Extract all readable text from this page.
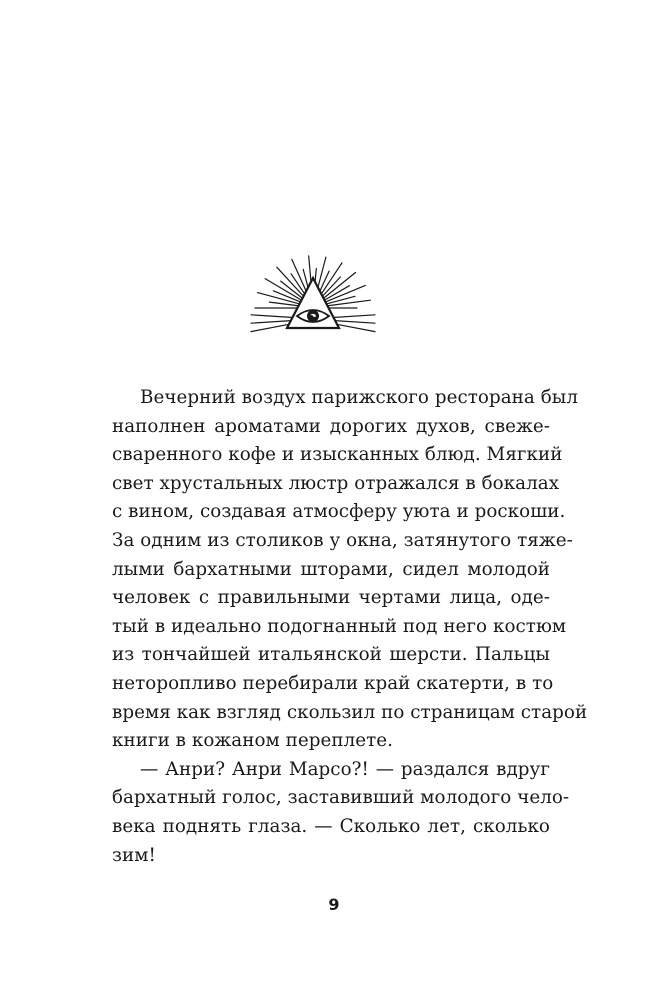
Вечерний воздух парижского ресторана был
наполнен ароматами дорогих духов, свеже-
сваренного кофе и изысканных блюд. Мягкий
свет хрустальных люстр отражался в бокалах
с вином, создавая атмосферу уюта и роскоши.
За одним из столиков у окна, затянутого тяже-
лыми бархатными шторами, сидел молодой
человек с правильными чертами лица, оде-
тый в идеально подогнанный под него костюм
из тончайшей итальянской шерсти. Пальцы
неторопливо перебирали край скатерти, в то
время как взгляд скользил по страницам старой
книги в кожаном переплете.
— Анри? Анри Марсо?! — раздался вдруг
бархатный голос, заставивший молодого чело-
века поднять глаза. — Сколько лет, сколько
зим!
9
